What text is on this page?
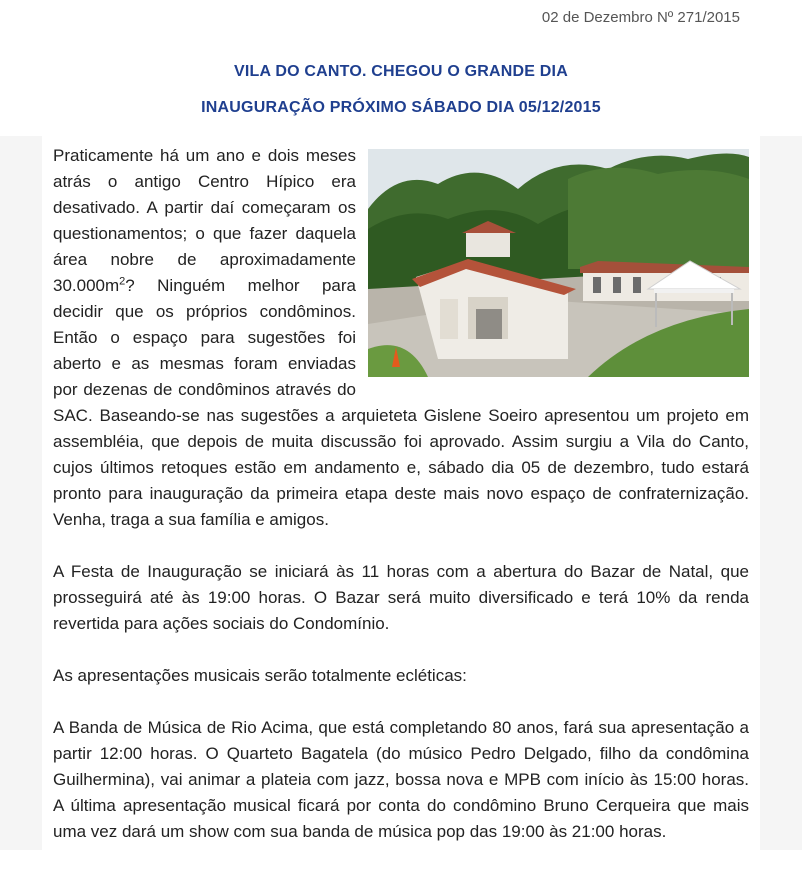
02 de Dezembro Nº 271/2015
VILA DO CANTO. CHEGOU O GRANDE DIA
INAUGURAÇÃO PRÓXIMO SÁBADO DIA 05/12/2015

Praticamente há um ano e dois meses atrás o antigo Centro Hípico era desativado. A partir daí começaram os questionamentos; o que fazer daquela área nobre de aproximadamente $30.000m^2$? Ninguém melhor para decidir que os próprios condôminos. Então o espaço para sugestões foi aberto e as mesmas foram enviadas por dezenas de condôminos através do SAC. Baseando-se nas sugestões a arquieteta Gislene Soeiro apresentou um projeto em assembléia, que depois de muita discussão foi aprovado. Assim surgiu a Vila do Canto, cujos últimos retoques estão em andamento e, sábado dia 05 de dezembro, tudo estará pronto para inauguração da primeira etapa deste mais novo espaço de confraternização. Venha, traga a sua família e amigos.

A Festa de Inauguração se iniciará às 11 horas com a abertura do Bazar de Natal, que prosseguirá até às 19:00 horas. O Bazar será muito diversificado e terá 10% da renda revertida para ações sociais do Condomínio.

As apresentações musicais serão totalmente ecléticas:

A Banda de Música de Rio Acima, que está completando 80 anos, fará sua apresentação a partir 12:00 horas. O Quarteto Bagatela (do músico Pedro Delgado, filho da condômina Guilhermina), vai animar a plateia com jazz, bossa nova e MPB com início às 15:00 horas. A última apresentação musical ficará por conta do condômino Bruno Cerqueira que mais uma vez dará um show com sua banda de música pop das 19:00 às 21:00 horas.
